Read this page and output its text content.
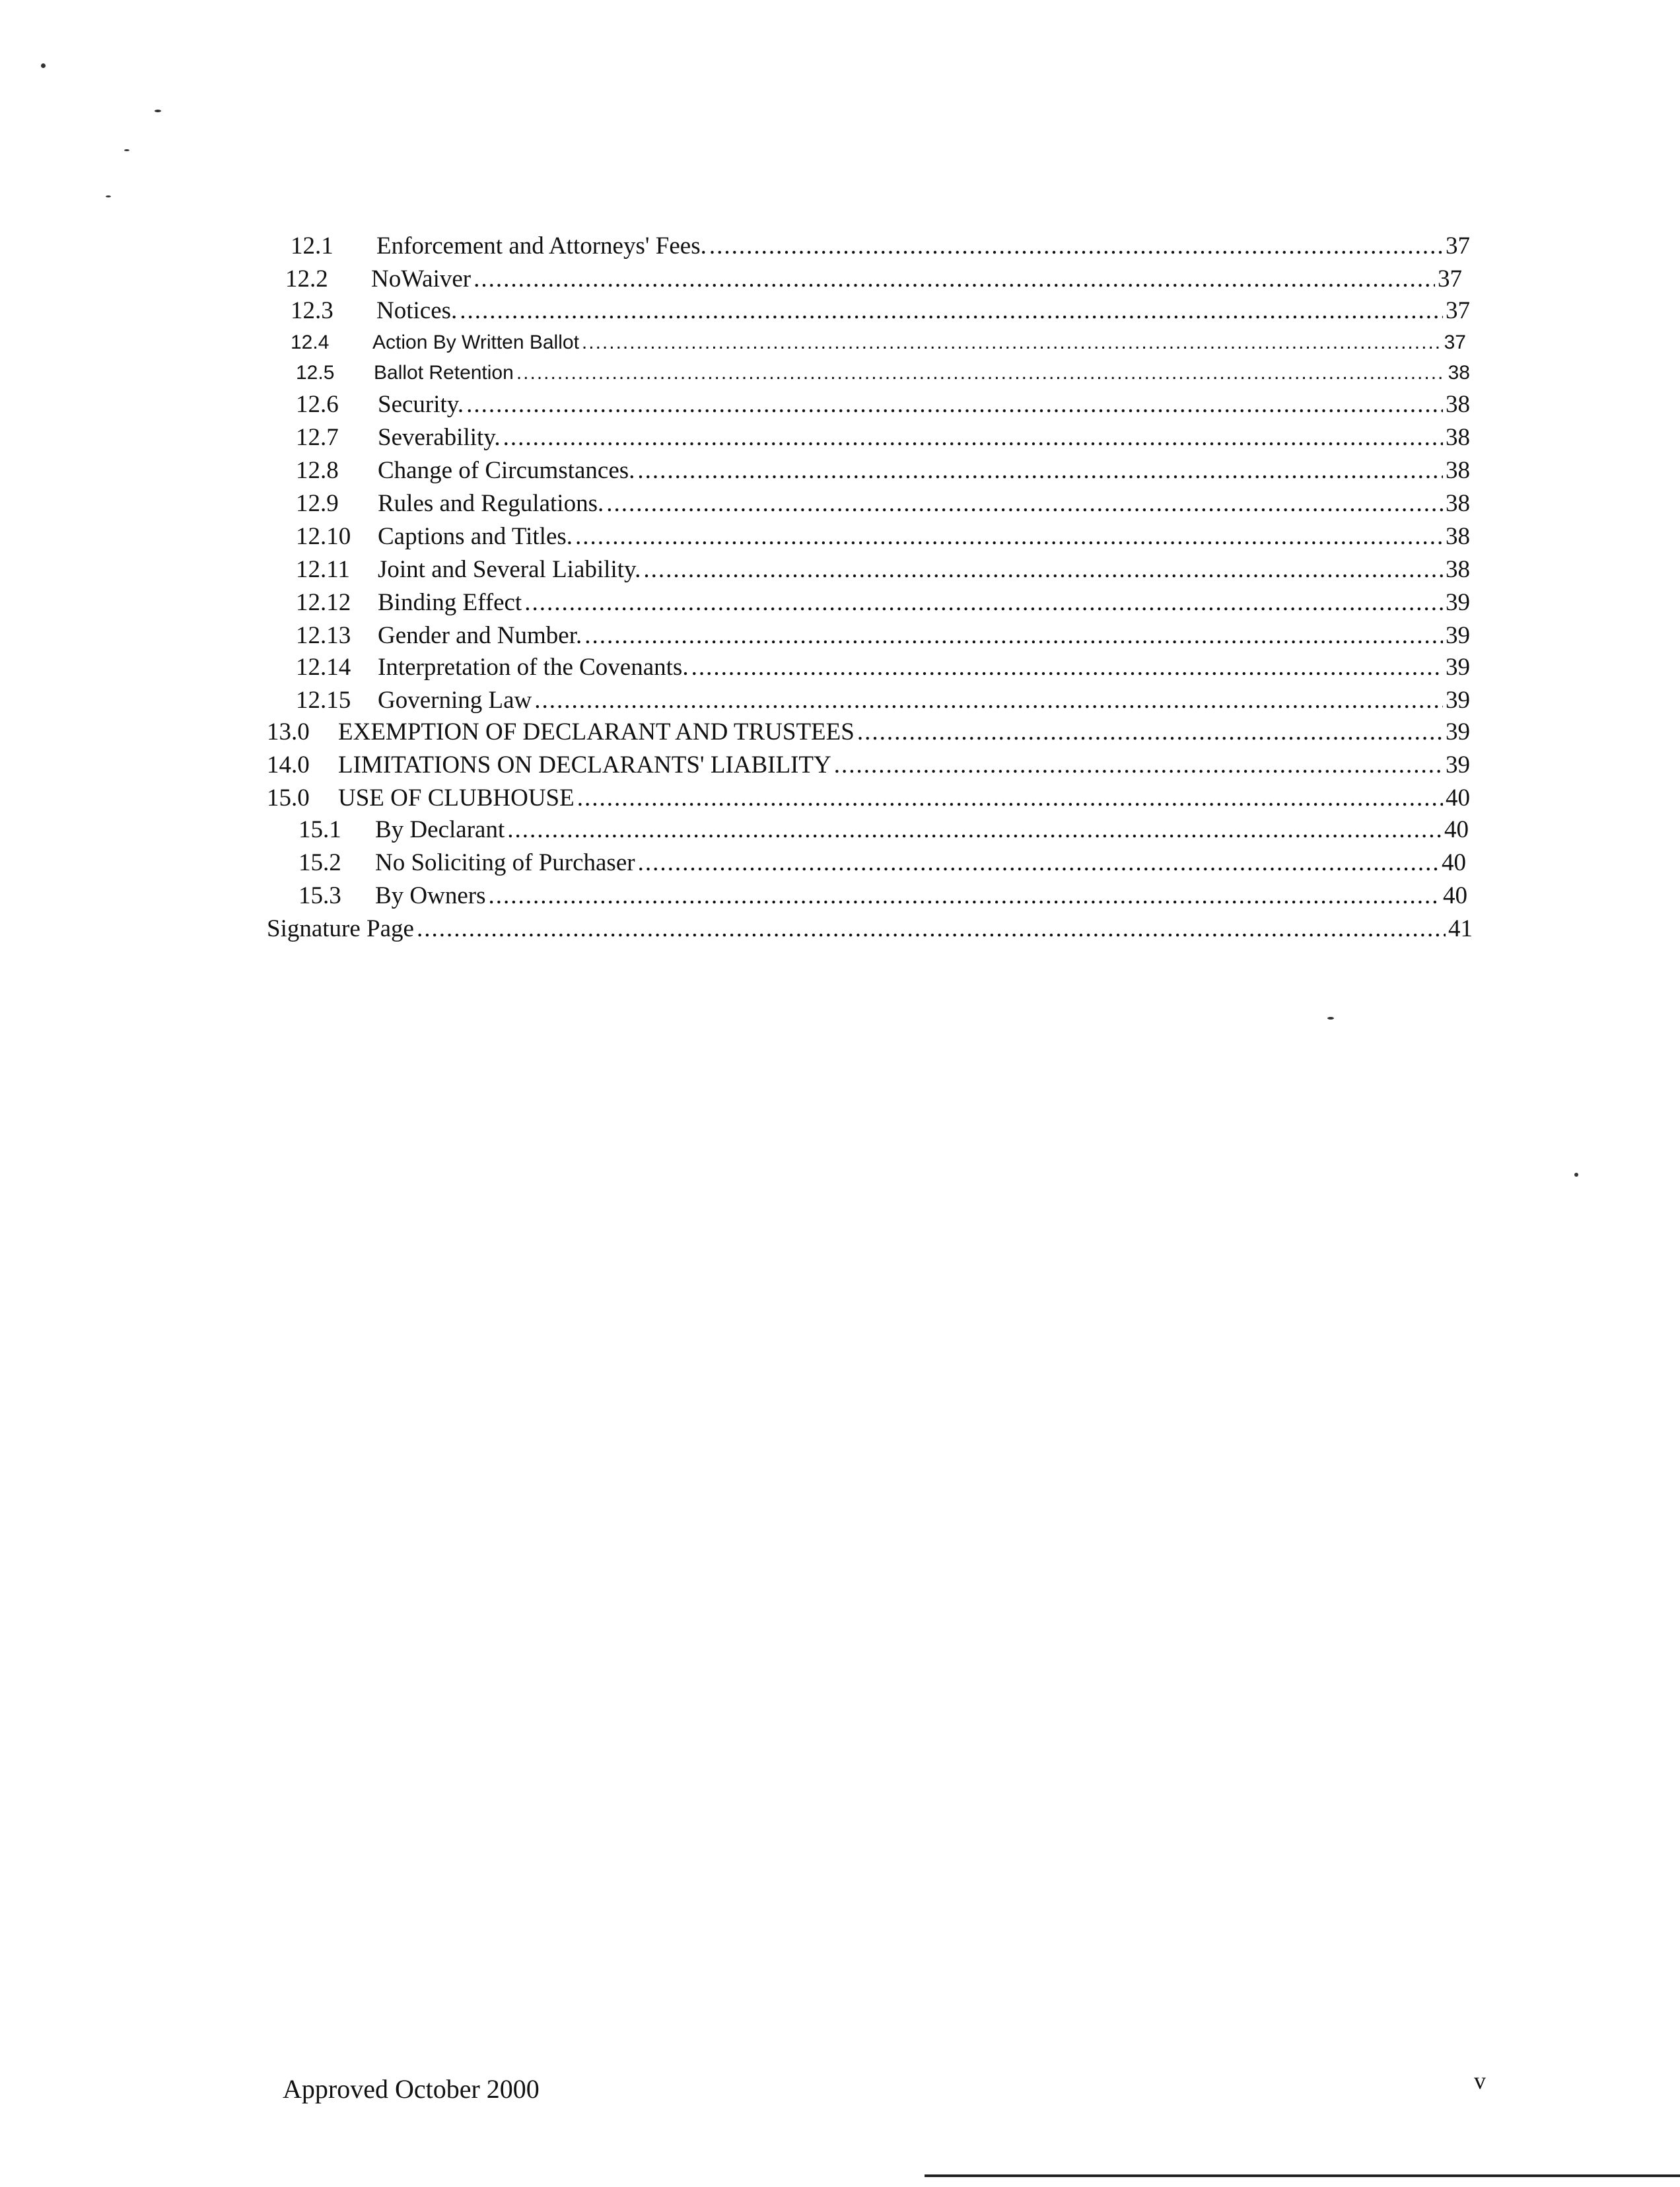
12.1	Enforcement and Attorneys' Fees. .....	37
12.2	NoWaiver .....	37
12.3	Notices. .....	37
12.4	Action By Written Ballot .....	37
12.5	Ballot Retention .....	38
12.6	Security. .....	38
12.7	Severability. .....	38
12.8	Change of Circumstances. .....	38
12.9	Rules and Regulations. .....	38
12.10	Captions and Titles. .....	38
12.11	Joint and Several Liability. .....	38
12.12	Binding Effect .....	39
12.13	Gender and Number. .....	39
12.14	Interpretation of the Covenants. .....	39
12.15	Governing Law .....	39
13.0	EXEMPTION OF DECLARANT AND TRUSTEES .....	39
14.0	LIMITATIONS ON DECLARANTS' LIABILITY .....	39
15.0	USE OF CLUBHOUSE .....	40
15.1	By Declarant .....	40
15.2	No Soliciting of Purchaser .....	40
15.3	By Owners .....	40
Signature Page .....	41
Approved October 2000	v
